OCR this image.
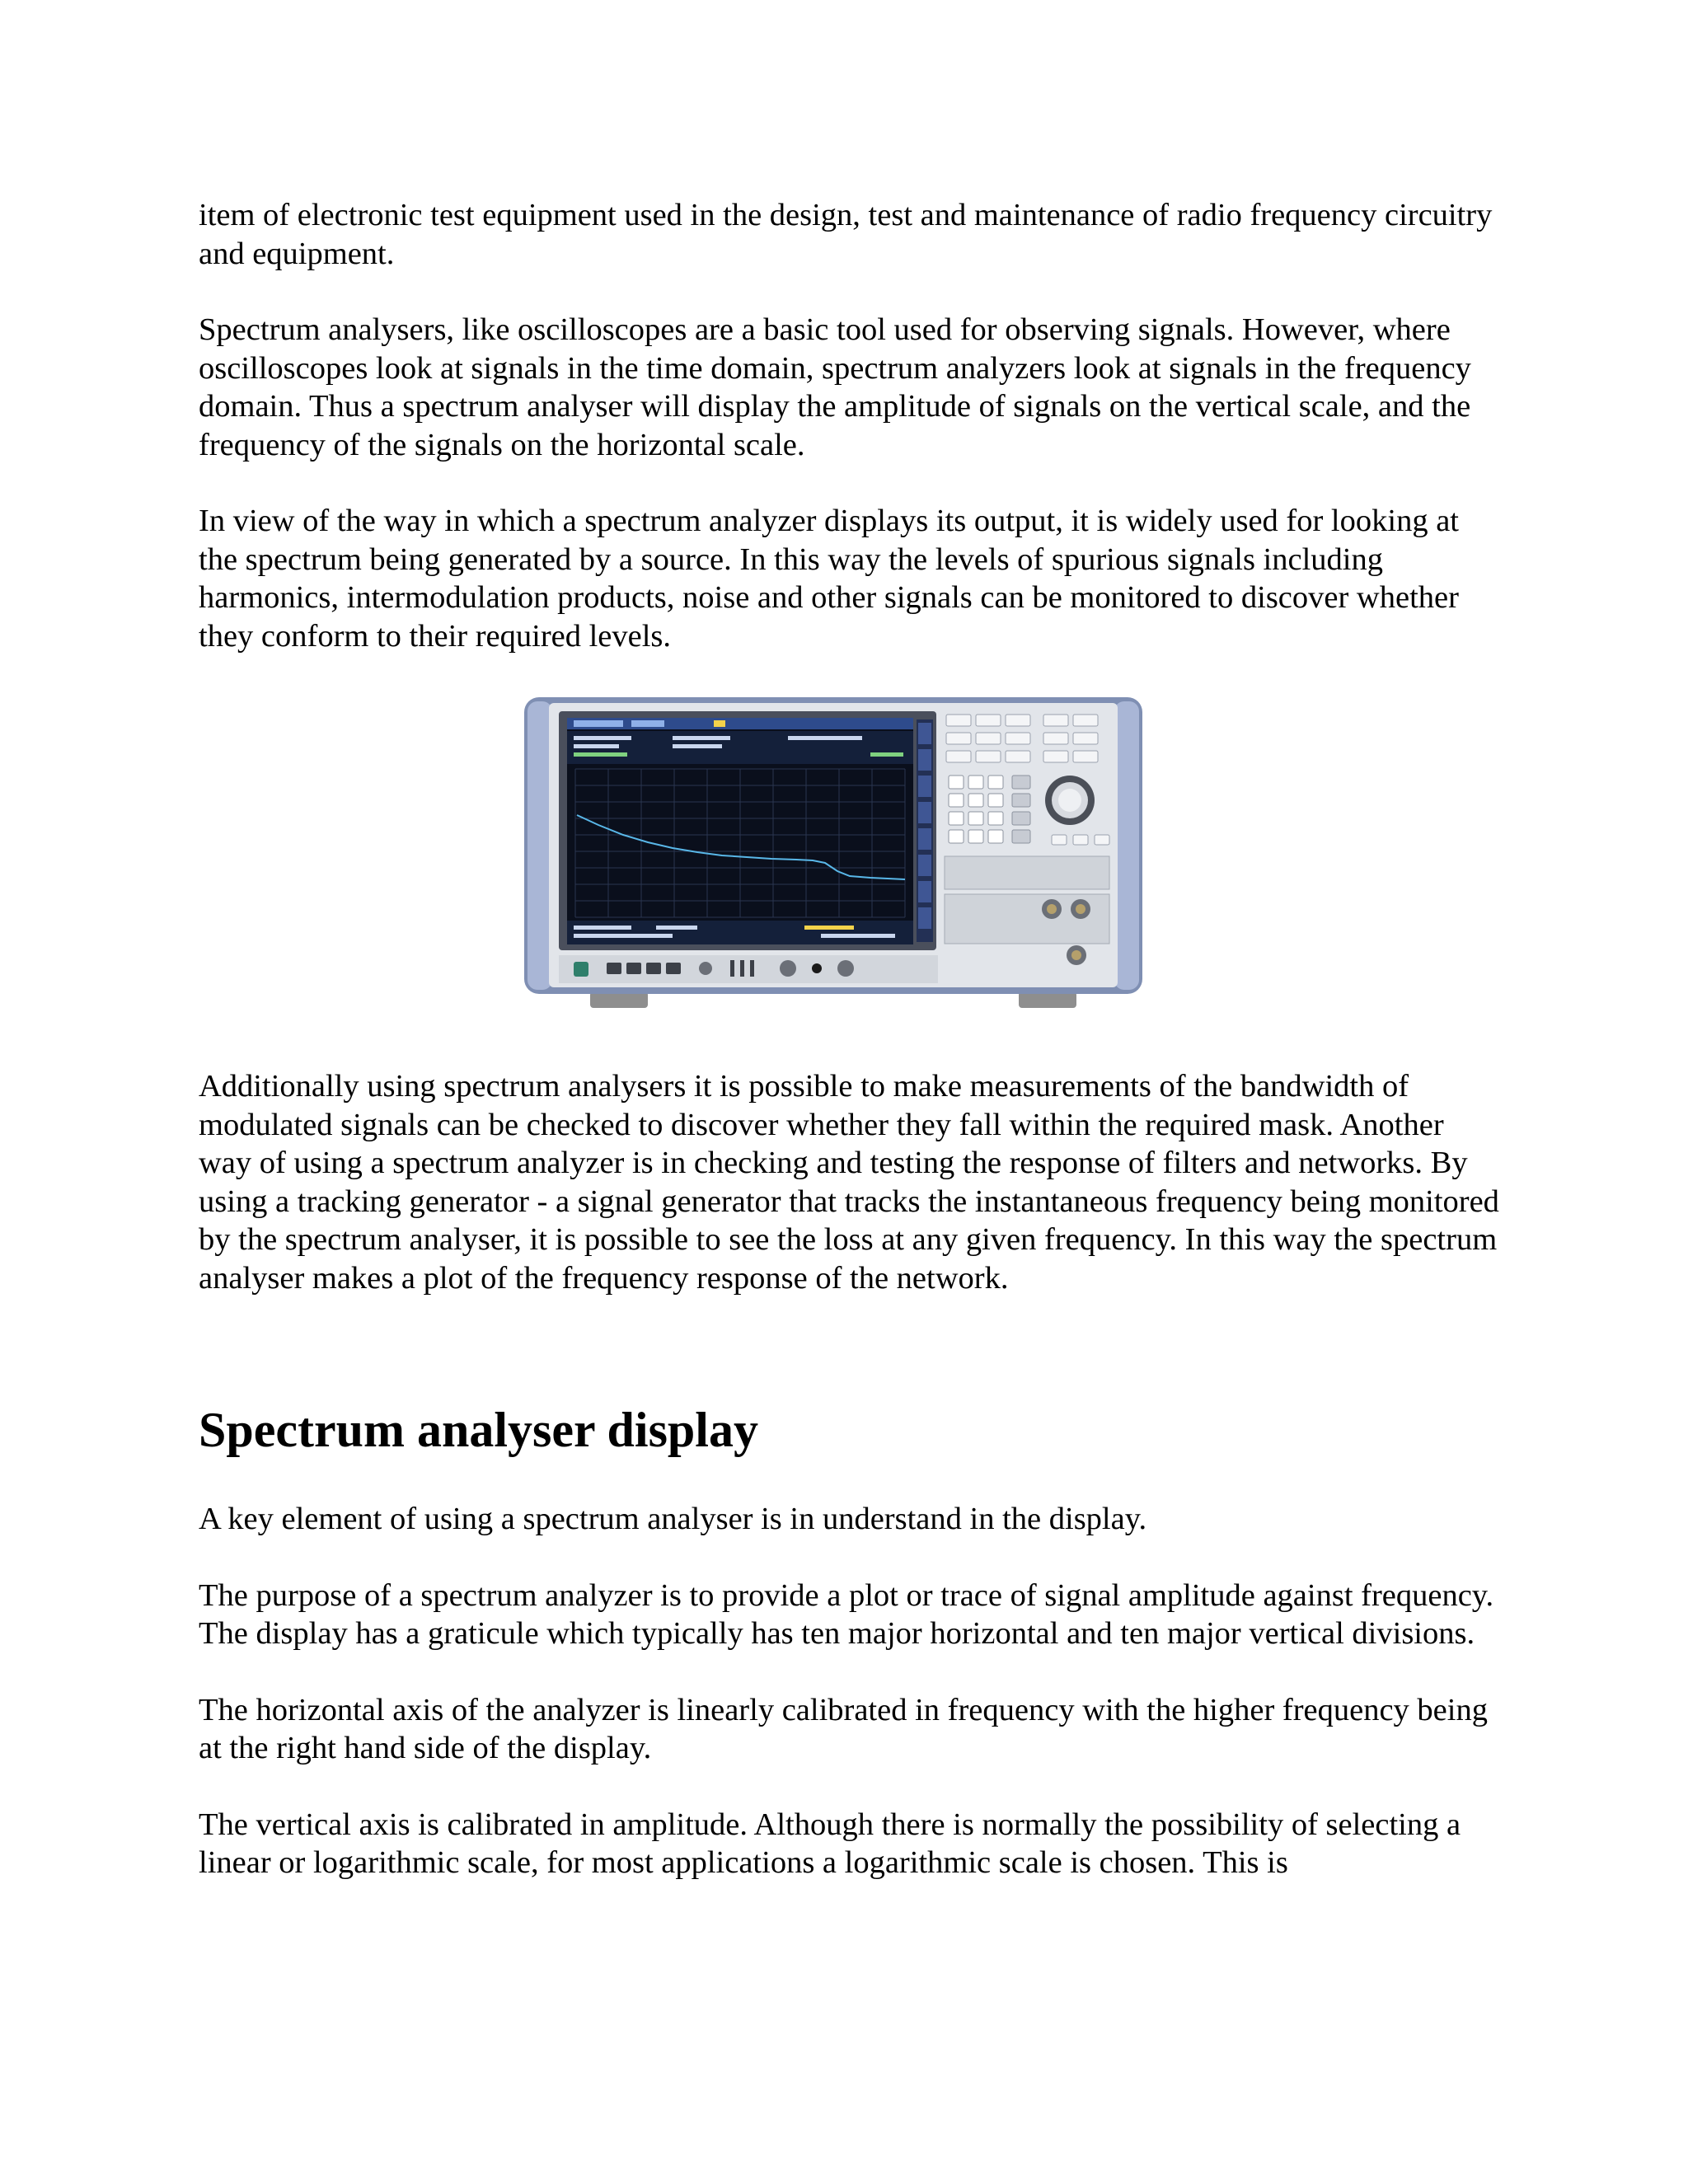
item of electronic test equipment used in the design, test and maintenance of radio frequency circuitry and equipment.

Spectrum analysers, like oscilloscopes are a basic tool used for observing signals. However, where oscilloscopes look at signals in the time domain, spectrum analyzers look at signals in the frequency domain. Thus a spectrum analyser will display the amplitude of signals on the vertical scale, and the frequency of the signals on the horizontal scale.

In view of the way in which a spectrum analyzer displays its output, it is widely used for looking at the spectrum being generated by a source. In this way the levels of spurious signals including harmonics, intermodulation products, noise and other signals can be monitored to discover whether they conform to their required levels.

Additionally using spectrum analysers it is possible to make measurements of the bandwidth of modulated signals can be checked to discover whether they fall within the required mask. Another way of using a spectrum analyzer is in checking and testing the response of filters and networks. By using a tracking generator - a signal generator that tracks the instantaneous frequency being monitored by the spectrum analyser, it is possible to see the loss at any given frequency. In this way the spectrum analyser makes a plot of the frequency response of the network.

Spectrum analyser display

A key element of using a spectrum analyser is in understand in the display.

The purpose of a spectrum analyzer is to provide a plot or trace of signal amplitude against frequency. The display has a graticule which typically has ten major horizontal and ten major vertical divisions.

The horizontal axis of the analyzer is linearly calibrated in frequency with the higher frequency being at the right hand side of the display.

The vertical axis is calibrated in amplitude. Although there is normally the possibility of selecting a linear or logarithmic scale, for most applications a logarithmic scale is chosen. This is
